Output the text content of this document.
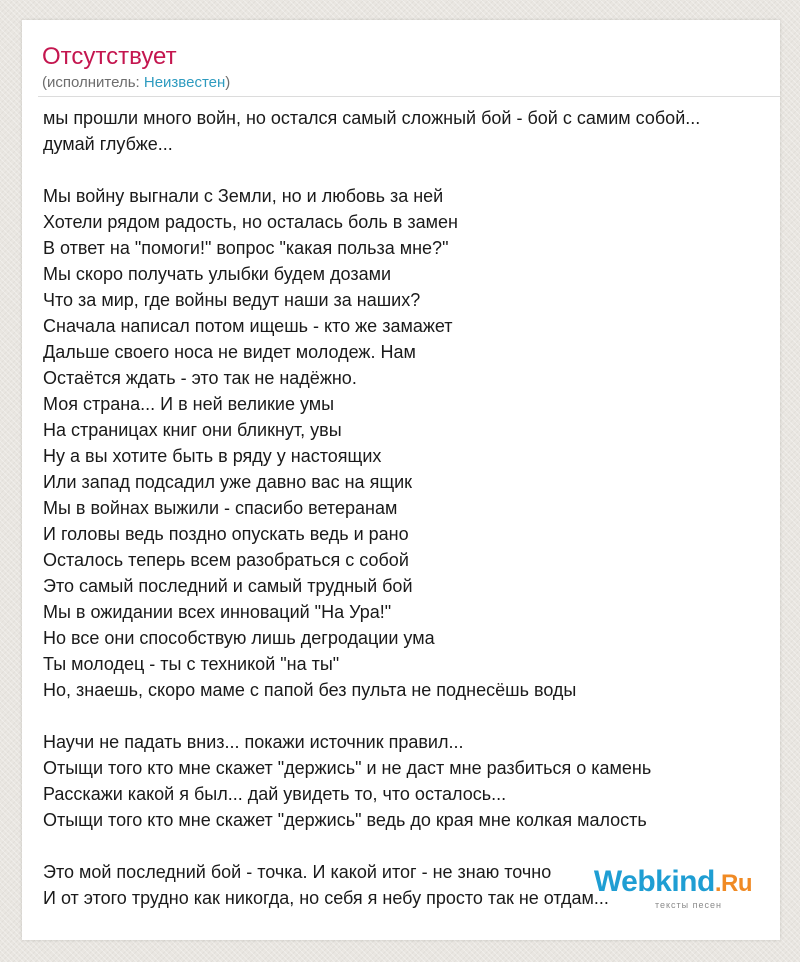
Отсутствует
(исполнитель: Неизвестен)
мы прошли много войн, но остался самый сложный бой - бой с самим собой...
думай глубже...
Мы войну выгнали с Земли, но и любовь за ней
Хотели рядом радость, но осталась боль в замен
В ответ на "помоги!" вопрос "какая польза мне?"
Мы скоро получать улыбки будем дозами
Что за мир, где войны ведут наши за наших?
Сначала написал потом ищешь - кто же замажет
Дальше своего носа не видет молодеж. Нам
Остаётся ждать - это так не надёжно.
Моя страна... И в ней великие умы
На страницах книг они бликнут, увы
Ну а вы хотите быть в ряду у настоящих
Или запад подсадил уже давно вас на ящик
Мы в войнах выжили - спасибо ветеранам
И головы ведь поздно опускать ведь и рано
Осталось теперь всем разобраться с собой
Это самый последний и самый трудный бой
Мы в ожидании всех инноваций "На Ура!"
Но все они способствую лишь дегродации ума
Ты молодец - ты с техникой "на ты"
Но, знаешь, скоро маме с папой без пульта не поднесёшь воды
Научи не падать вниз... покажи источник правил...
Отыщи того кто мне скажет "держись" и не даст мне разбиться о камень
Расскажи какой я был... дай увидеть то, что осталось...
Отыщи того кто мне скажет "держись" ведь до края мне колкая малость
Это мой последний бой - точка. И какой итог - не знаю точно
И от этого трудно как никогда, но себя я небу просто так не отдам...
Webkind.Ru
тексты песен
